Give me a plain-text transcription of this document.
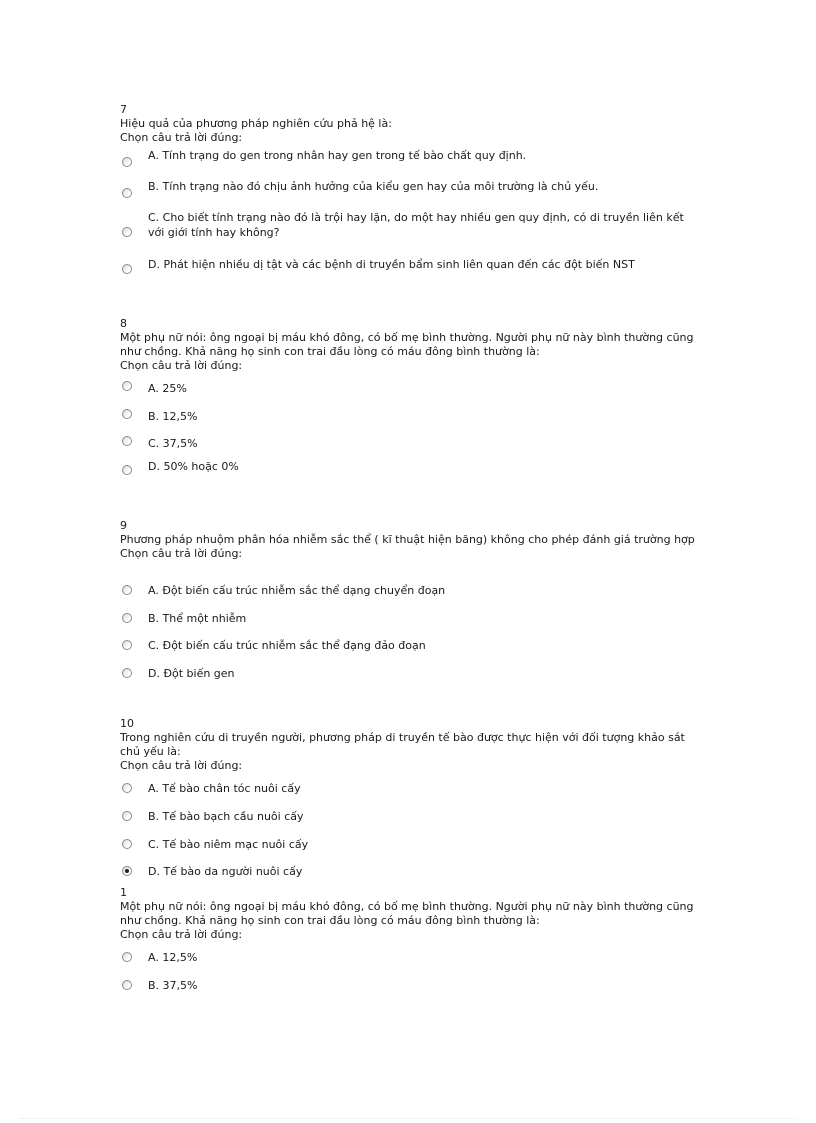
7
Hiệu quả của phương pháp nghiên cứu phả hệ là:
Chọn câu trả lời đúng:
A. Tính trạng do gen trong nhân hay gen trong tế bào chất quy định.
B. Tính trạng nào đó chịu ảnh hưởng của kiểu gen hay của môi trường là chủ yếu.
C. Cho biết tính trạng nào đó là trội hay lặn, do một hay nhiều gen quy định, có di truyền liên kết với giới tính hay không?
D. Phát hiện nhiều dị tật và các bệnh di truyền bẩm sinh liên quan đến các đột biến NST
8
Một phụ nữ nói: ông ngoại bị máu khó đông, có bố mẹ bình thường. Người phụ nữ này bình thường cũng như chồng. Khả năng họ sinh con trai đầu lòng có máu đông bình thường là:
Chọn câu trả lời đúng:
A. 25%
B. 12,5%
C. 37,5%
D. 50% hoặc 0%
9
Phương pháp nhuộm phân hóa nhiễm sắc thể ( kĩ thuật hiện băng) không cho phép đánh giá trường hợp
Chọn câu trả lời đúng:
A. Đột biến cấu trúc nhiễm sắc thể dạng chuyển đoạn
B. Thể một nhiễm
C. Đột biến cấu trúc nhiễm sắc thể đạng đảo đoạn
D. Đột biến gen
10
Trong nghiên cứu di truyền người, phương pháp di truyền tế bào được thực hiện với đối tượng khảo sát chủ yếu là:
Chọn câu trả lời đúng:
A. Tế bào chân tóc nuôi cấy
B. Tế bào bạch cầu nuôi cấy
C. Tế bào niêm mạc nuôi cấy
D. Tế bào da người nuôi cấy
1
Một phụ nữ nói: ông ngoại bị máu khó đông, có bố mẹ bình thường. Người phụ nữ này bình thường cũng như chồng. Khả năng họ sinh con trai đầu lòng có máu đông bình thường là:
Chọn câu trả lời đúng:
A. 12,5%
B. 37,5%
